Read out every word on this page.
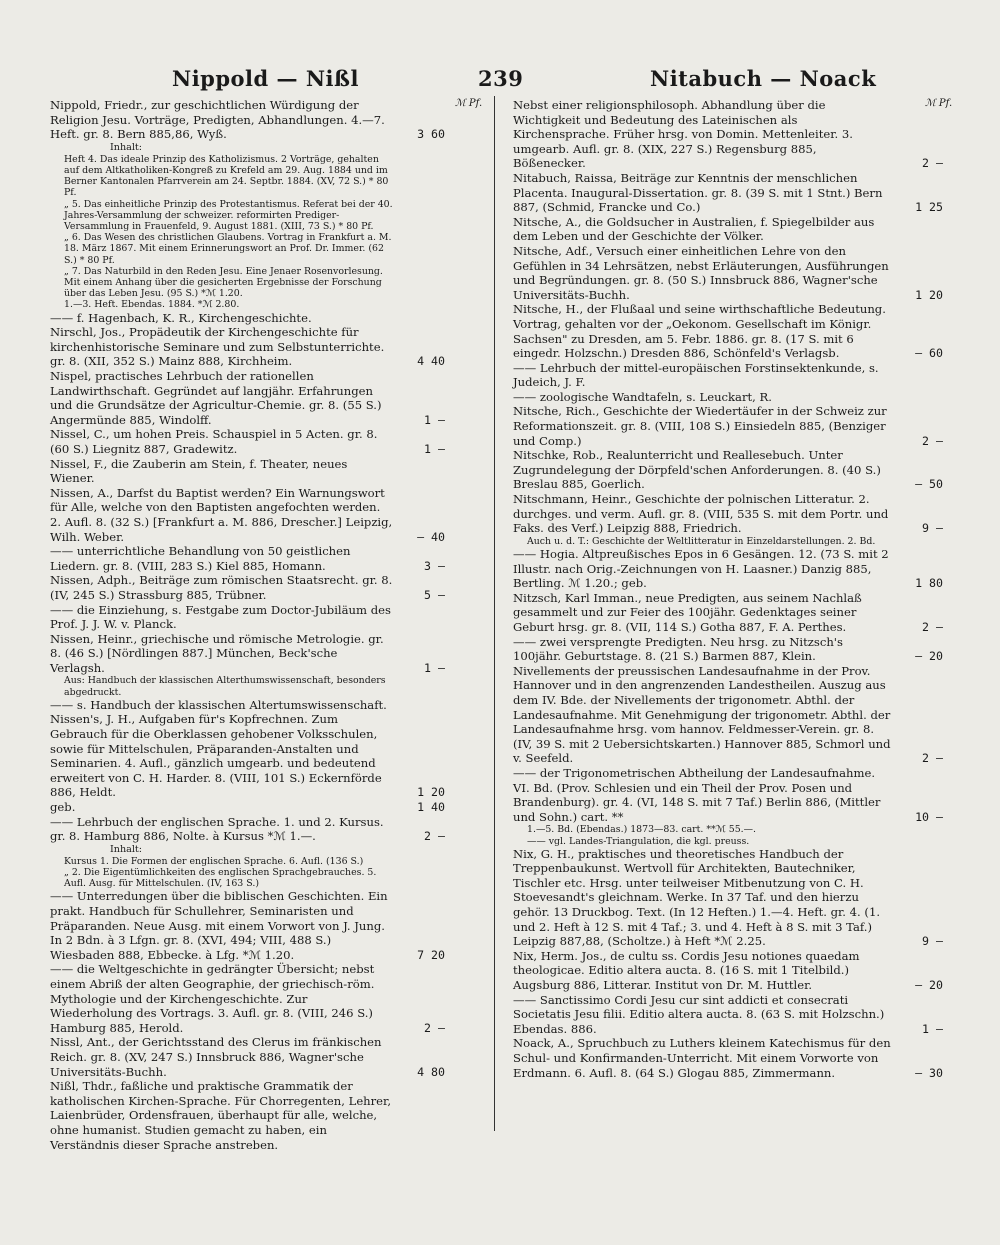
Nippold — Nißl	239	Nitabuch — Noack
ℳ Pf.	ℳ Pf.

Nippold, Friedr., zur geschichtlichen Würdigung der Religion Jesu. Vorträge, Predigten, Abhandlungen. 4.—7. Heft. gr. 8. Bern 885,86, Wyß.	3 60

Inhalt:

Heft 4. Das ideale Prinzip des Katholizismus. 2 Vorträge, gehalten auf dem Altkatholiken-Kongreß zu Krefeld am 29. Aug. 1884 und im Berner Kantonalen Pfarrverein am 24. Septbr. 1884. (XV, 72 S.) * 80 Pf.

„ 5. Das einheitliche Prinzip des Protestantismus. Referat bei der 40. Jahres-Versammlung der schweizer. reformirten Prediger-Versammlung in Frauenfeld, 9. August 1881. (XIII, 73 S.) * 80 Pf.

„ 6. Das Wesen des christlichen Glaubens. Vortrag in Frankfurt a. M. 18. März 1867. Mit einem Erinnerungswort an Prof. Dr. Immer. (62 S.) * 80 Pf.

„ 7. Das Naturbild in den Reden Jesu. Eine Jenaer Rosenvorlesung. Mit einem Anhang über die gesicherten Ergebnisse der Forschung über das Leben Jesu. (95 S.) *ℳ 1.20.

1.—3. Heft. Ebendas. 1884. *ℳ 2.80.

—— f. Hagenbach, K. R., Kirchengeschichte.

Nirschl, Jos., Propädeutik der Kirchengeschichte für kirchenhistorische Seminare und zum Selbstunterrichte. gr. 8. (XII, 352 S.) Mainz 888, Kirchheim.	4 40

Nispel, practisches Lehrbuch der rationellen Landwirthschaft. Gegründet auf langjähr. Erfahrungen und die Grundsätze der Agricultur-Chemie. gr. 8. (55 S.) Angermünde 885, Windolff.	1 —

Nissel, C., um hohen Preis. Schauspiel in 5 Acten. gr. 8. (60 S.) Liegnitz 887, Gradewitz.	1 —

Nissel, F., die Zauberin am Stein, f. Theater, neues Wiener.

Nissen, A., Darfst du Baptist werden? Ein Warnungswort für Alle, welche von den Baptisten angefochten werden. 2. Aufl. 8. (32 S.) [Frankfurt a. M. 886, Drescher.] Leipzig, Wilh. Weber.	— 40

—— unterrichtliche Behandlung von 50 geistlichen Liedern. gr. 8. (VIII, 283 S.) Kiel 885, Homann.	3 —

Nissen, Adph., Beiträge zum römischen Staatsrecht. gr. 8. (IV, 245 S.) Strassburg 885, Trübner.	5 —

—— die Einziehung, s. Festgabe zum Doctor-Jubiläum des Prof. J. J. W. v. Planck.

Nissen, Heinr., griechische und römische Metrologie. gr. 8. (46 S.) [Nördlingen 887.] München, Beck'sche Verlagsh.	1 —

Aus: Handbuch der klassischen Alterthumswissenschaft, besonders abgedruckt.

—— s. Handbuch der klassischen Altertumswissenschaft.

Nissen's, J. H., Aufgaben für's Kopfrechnen. Zum Gebrauch für die Oberklassen gehobener Volksschulen, sowie für Mittelschulen, Präparanden-Anstalten und Seminarien. 4. Aufl., gänzlich umgearb. und bedeutend erweitert von C. H. Harder. 8. (VIII, 101 S.) Eckernförde 886, Heldt.	1 20

geb.	1 40

—— Lehrbuch der englischen Sprache. 1. und 2. Kursus. gr. 8. Hamburg 886, Nolte. à Kursus *ℳ 1.—.	2 —

Inhalt:

Kursus 1. Die Formen der englischen Sprache. 6. Aufl. (136 S.)

„ 2. Die Eigentümlichkeiten des englischen Sprachgebrauches. 5. Aufl. Ausg. für Mittelschulen. (IV, 163 S.)

—— Unterredungen über die biblischen Geschichten. Ein prakt. Handbuch für Schullehrer, Seminaristen und Präparanden. Neue Ausg. mit einem Vorwort von J. Jung. In 2 Bdn. à 3 Lfgn. gr. 8. (XVI, 494; VIII, 488 S.) Wiesbaden 888, Ebbecke. à Lfg. *ℳ 1.20.	7 20

—— die Weltgeschichte in gedrängter Übersicht; nebst einem Abriß der alten Geographie, der griechisch-röm. Mythologie und der Kirchengeschichte. Zur Wiederholung des Vortrags. 3. Aufl. gr. 8. (VIII, 246 S.) Hamburg 885, Herold.	2 —

Nissl, Ant., der Gerichtsstand des Clerus im fränkischen Reich. gr. 8. (XV, 247 S.) Innsbruck 886, Wagner'sche Universitäts-Buchh.	4 80

Nißl, Thdr., faßliche und praktische Grammatik der katholischen Kirchen-Sprache. Für Chorregenten, Lehrer, Laienbrüder, Ordensfrauen, überhaupt für alle, welche, ohne humanist. Studien gemacht zu haben, ein Verständnis dieser Sprache anstreben.

Nebst einer religionsphilosoph. Abhandlung über die Wichtigkeit und Bedeutung des Lateinischen als Kirchensprache. Früher hrsg. von Domin. Mettenleiter. 3. umgearb. Aufl. gr. 8. (XIX, 227 S.) Regensburg 885, Bößenecker.	2 —

Nitabuch, Raissa, Beiträge zur Kenntnis der menschlichen Placenta. Inaugural-Dissertation. gr. 8. (39 S. mit 1 Stnt.) Bern 887, (Schmid, Francke und Co.)	1 25

Nitsche, A., die Goldsucher in Australien, f. Spiegelbilder aus dem Leben und der Geschichte der Völker.

Nitsche, Adf., Versuch einer einheitlichen Lehre von den Gefühlen in 34 Lehrsätzen, nebst Erläuterungen, Ausführungen und Begründungen. gr. 8. (50 S.) Innsbruck 886, Wagner'sche Universitäts-Buchh.	1 20

Nitsche, H., der Flußaal und seine wirthschaftliche Bedeutung. Vortrag, gehalten vor der „Oekonom. Gesellschaft im Königr. Sachsen" zu Dresden, am 5. Febr. 1886. gr. 8. (17 S. mit 6 eingedr. Holzschn.) Dresden 886, Schönfeld's Verlagsb.	— 60

—— Lehrbuch der mittel-europäischen Forstinsektenkunde, s. Judeich, J. F.

—— zoologische Wandtafeln, s. Leuckart, R.

Nitsche, Rich., Geschichte der Wiedertäufer in der Schweiz zur Reformationszeit. gr. 8. (VIII, 108 S.) Einsiedeln 885, (Benziger und Comp.)	2 —

Nitschke, Rob., Realunterricht und Reallesebuch. Unter Zugrundelegung der Dörpfeld'schen Anforderungen. 8. (40 S.) Breslau 885, Goerlich.	— 50

Nitschmann, Heinr., Geschichte der polnischen Litteratur. 2. durchges. und verm. Aufl. gr. 8. (VIII, 535 S. mit dem Portr. und Faks. des Verf.) Leipzig 888, Friedrich.	9 —

Auch u. d. T.: Geschichte der Weltlitteratur in Einzeldarstellungen. 2. Bd.

—— Hogia. Altpreußisches Epos in 6 Gesängen. 12. (73 S. mit 2 Illustr. nach Orig.-Zeichnungen von H. Laasner.) Danzig 885, Bertling. ℳ 1.20.; geb.	1 80

Nitzsch, Karl Imman., neue Predigten, aus seinem Nachlaß gesammelt und zur Feier des 100jähr. Gedenktages seiner Geburt hrsg. gr. 8. (VII, 114 S.) Gotha 887, F. A. Perthes.	2 —

—— zwei versprengte Predigten. Neu hrsg. zu Nitzsch's 100jähr. Geburtstage. 8. (21 S.) Barmen 887, Klein.	— 20

Nivellements der preussischen Landesaufnahme in der Prov. Hannover und in den angrenzenden Landestheilen. Auszug aus dem IV. Bde. der Nivellements der trigonometr. Abthl. der Landesaufnahme. Mit Genehmigung der trigonometr. Abthl. der Landesaufnahme hrsg. vom hannov. Feldmesser-Verein. gr. 8. (IV, 39 S. mit 2 Uebersichtskarten.) Hannover 885, Schmorl und v. Seefeld.	2 —

—— der Trigonometrischen Abtheilung der Landesaufnahme. VI. Bd. (Prov. Schlesien und ein Theil der Prov. Posen und Brandenburg). gr. 4. (VI, 148 S. mit 7 Taf.) Berlin 886, (Mittler und Sohn.) cart. **	10 —

1.—5. Bd. (Ebendas.) 1873—83. cart. **ℳ 55.—.

—— vgl. Landes-Triangulation, die kgl. preuss.

Nix, G. H., praktisches und theoretisches Handbuch der Treppenbaukunst. Wertvoll für Architekten, Bautechniker, Tischler etc. Hrsg. unter teilweiser Mitbenutzung von C. H. Stoevesandt's gleichnam. Werke. In 37 Taf. und den hierzu gehör. 13 Druckbog. Text. (In 12 Heften.) 1.—4. Heft. gr. 4. (1. und 2. Heft à 12 S. mit 4 Taf.; 3. und 4. Heft à 8 S. mit 3 Taf.) Leipzig 887,88, (Scholtze.) à Heft *ℳ 2.25.	9 —

Nix, Herm. Jos., de cultu ss. Cordis Jesu notiones quaedam theologicae. Editio altera aucta. 8. (16 S. mit 1 Titelbild.) Augsburg 886, Litterar. Institut von Dr. M. Huttler.	— 20

—— Sanctissimo Cordi Jesu cur sint addicti et consecrati Societatis Jesu filii. Editio altera aucta. 8. (63 S. mit Holzschn.) Ebendas. 886.	1 —

Noack, A., Spruchbuch zu Luthers kleinem Katechismus für den Schul- und Konfirmanden-Unterricht. Mit einem Vorworte von Erdmann. 6. Aufl. 8. (64 S.) Glogau 885, Zimmermann.	— 30
